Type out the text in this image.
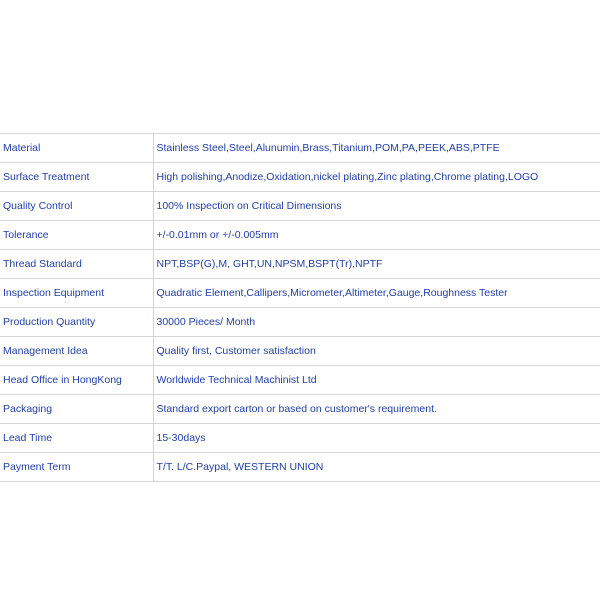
Material	Stainless Steel,Steel,Alunumin,Brass,Titanium,POM,PA,PEEK,ABS,PTFE
Surface Treatment	High polishing,Anodize,Oxidation,nickel plating,Zinc plating,Chrome plating,LOGO
Quality Control	100% Inspection on Critical Dimensions
Tolerance	+/-0.01mm or +/-0.005mm
Thread Standard	NPT,BSP(G),M, GHT,UN,NPSM,BSPT(Tr),NPTF
Inspection Equipment	Quadratic Element,Callipers,Micrometer,Altimeter,Gauge,Roughness Tester
Production Quantity	30000 Pieces/ Month
Management Idea	Quality first, Customer satisfaction
Head Office in HongKong	Worldwide Technical Machinist Ltd
Packaging	Standard export carton or based on customer's requirement.
Lead Time	15-30days
Payment Term	T/T. L/C.Paypal, WESTERN UNION
